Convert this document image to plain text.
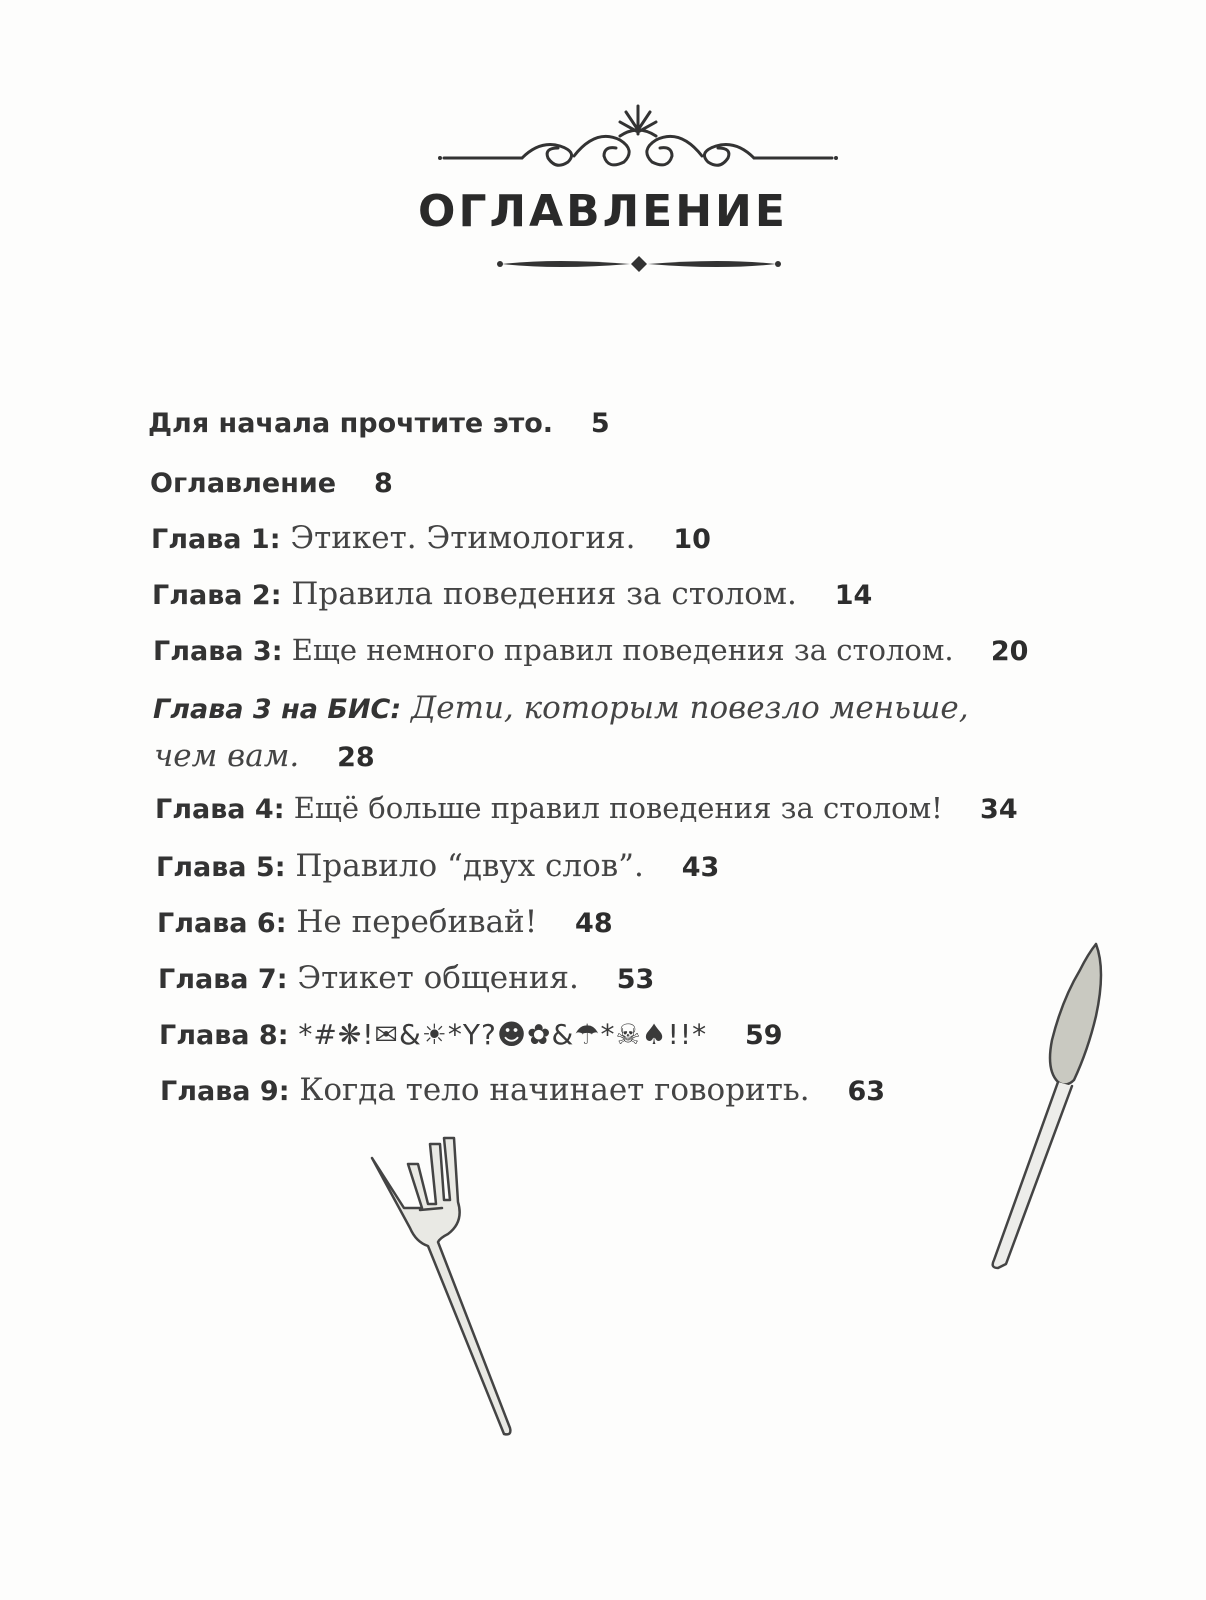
ОГЛАВЛЕНИЕ
Для начала прочтите это. 5
Оглавление 8
Глава 1: Этикет. Этимология. 10
Глава 2: Правила поведения за столом. 14
Глава 3: Еще немного правил поведения за столом. 20
Глава 3 на БИС: Дети, которым повезло меньше,
чем вам. 28
Глава 4: Ещё больше правил поведения за столом! 34
Глава 5: Правило “двух слов”. 43
Глава 6: Не перебивай! 48
Глава 7: Этикет общения. 53
Глава 8: *#❋!✉&☀*Y?☻✿&☂*☠♠!!* 59
Глава 9: Когда тело начинает говорить. 63
